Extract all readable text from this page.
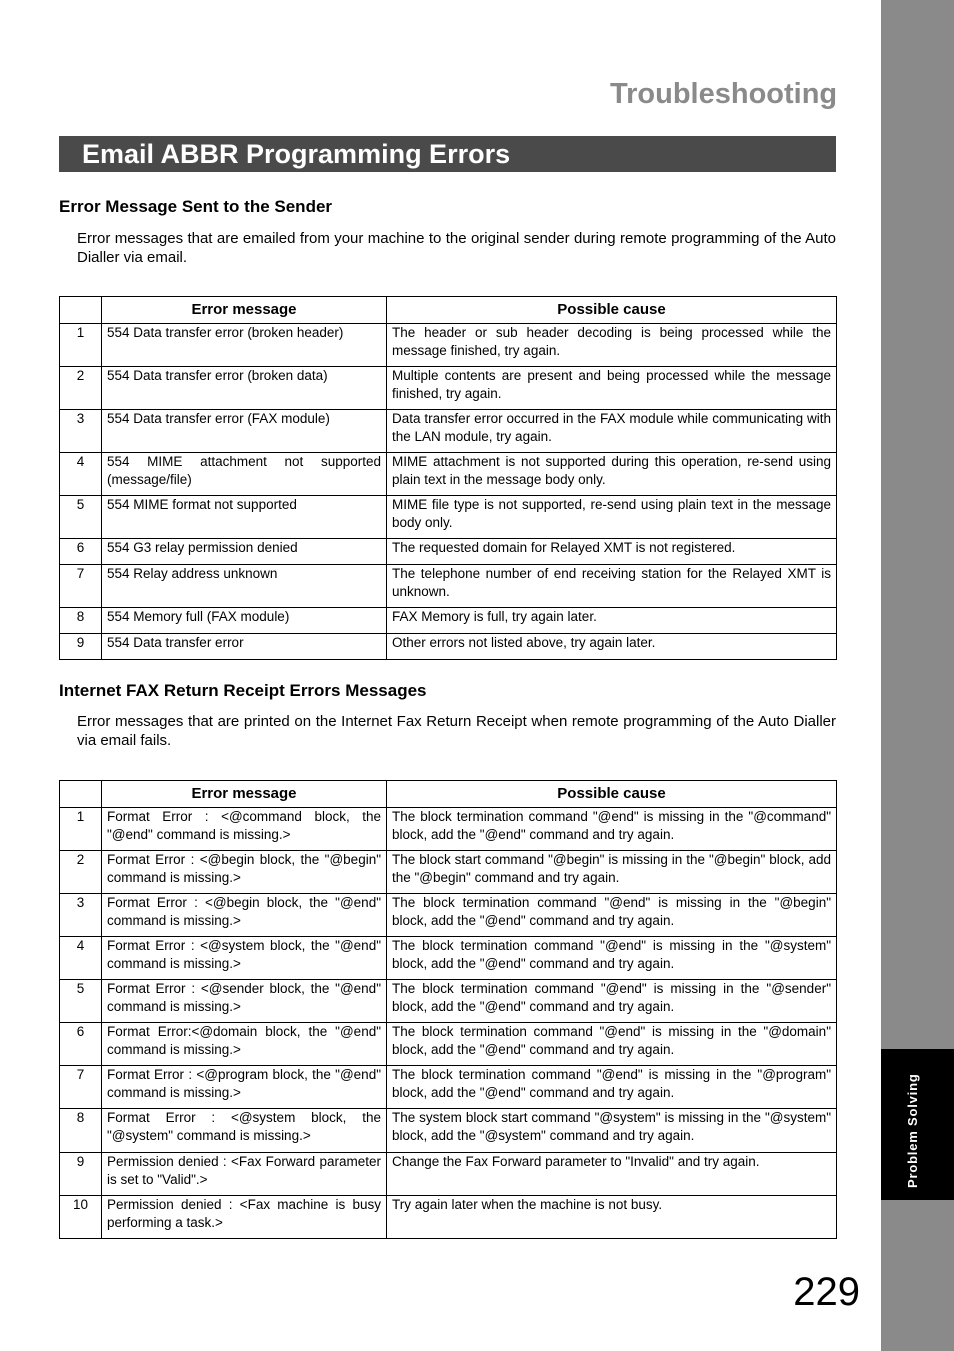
Problem Solving
Troubleshooting
Email ABBR Programming Errors
Error Message Sent to the Sender
Error messages that are emailed from your machine to the original sender during remote programming of the Auto Dialler via email.
	Error message	Possible cause
1	554 Data transfer error (broken header)	The header or sub header decoding is being processed while the message finished, try again.
2	554 Data transfer error (broken data)	Multiple contents are present and being processed while the message finished, try again.
3	554 Data transfer error (FAX module)	Data transfer error occurred in the FAX module while communicating with the LAN module, try again.
4	554 MIME attachment not supported (message/file)	MIME attachment is not supported during this operation, re-send using plain text in the message body only.
5	554 MIME format not supported	MIME file type is not supported, re-send using plain text in the message body only.
6	554 G3 relay permission denied	The requested domain for Relayed XMT is not registered.
7	554 Relay address unknown	The telephone number of end receiving station for the Relayed XMT is unknown.
8	554 Memory full (FAX module)	FAX Memory is full, try again later.
9	554 Data transfer error	Other errors not listed above, try again later.
Internet FAX Return Receipt Errors Messages
Error messages that are printed on the Internet Fax Return Receipt when remote programming of the Auto Dialler via email fails.
	Error message	Possible cause
1	Format Error : <@command block, the "@end" command is missing.>	The block termination command "@end" is missing in the "@command" block, add the "@end" command and try again.
2	Format Error : <@begin block, the "@begin" command is missing.>	The block start command "@begin" is missing in the "@begin" block, add the "@begin" command and try again.
3	Format Error : <@begin block, the "@end" command is missing.>	The block termination command "@end" is missing in the "@begin" block, add the "@end" command and try again.
4	Format Error : <@system block, the "@end" command is missing.>	The block termination command "@end" is missing in the "@system" block, add the "@end" command and try again.
5	Format Error : <@sender block, the "@end" command is missing.>	The block termination command "@end" is missing in the "@sender" block, add the "@end" command and try again.
6	Format Error:<@domain block, the "@end" command is missing.>	The block termination command "@end" is missing in the "@domain" block, add the "@end" command and try again.
7	Format Error : <@program block, the "@end" command is missing.>	The block termination command "@end" is missing in the "@program" block, add the "@end" command and try again.
8	Format Error : <@system block, the "@system" command is missing.>	The system block start command "@system" is missing in the "@system" block, add the "@system" command and try again.
9	Permission denied : <Fax Forward parameter is set to "Valid".>	Change the Fax Forward parameter to "Invalid" and try again.
10	Permission denied : <Fax machine is busy performing a task.>	Try again later when the machine is not busy.
229
